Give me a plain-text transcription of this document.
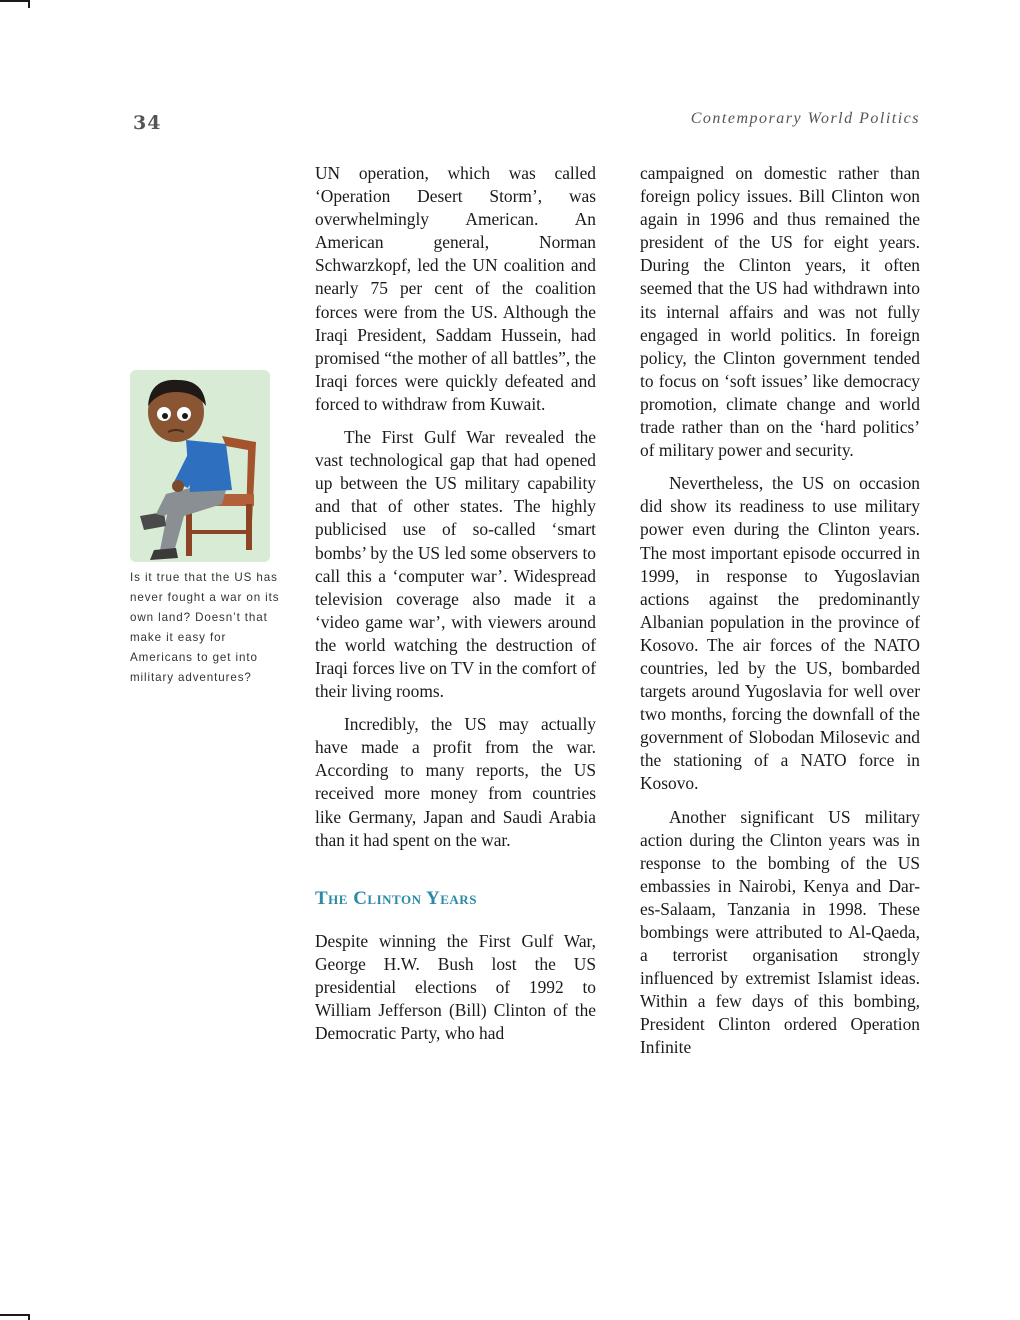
34	Contemporary World Politics
Is it true that the US has never fought a war on its own land? Doesn’t that make it easy for Americans to get into military adventures?

UN operation, which was called ‘Operation Desert Storm’, was overwhelmingly American. An American general, Norman Schwarzkopf, led the UN coalition and nearly 75 per cent of the coalition forces were from the US. Although the Iraqi President, Saddam Hussein, had promised “the mother of all battles”, the Iraqi forces were quickly defeated and forced to withdraw from Kuwait.

The First Gulf War revealed the vast technological gap that had opened up between the US military capability and that of other states. The highly publicised use of so-called ‘smart bombs’ by the US led some observers to call this a ‘computer war’. Widespread television coverage also made it a ‘video game war’, with viewers around the world watching the destruction of Iraqi forces live on TV in the comfort of their living rooms.

Incredibly, the US may actually have made a profit from the war. According to many reports, the US received more money from countries like Germany, Japan and Saudi Arabia than it had spent on the war.

The Clinton Years

Despite winning the First Gulf War, George H.W. Bush lost the US presidential elections of 1992 to William Jefferson (Bill) Clinton of the Democratic Party, who had

campaigned on domestic rather than foreign policy issues. Bill Clinton won again in 1996 and thus remained the president of the US for eight years. During the Clinton years, it often seemed that the US had withdrawn into its internal affairs and was not fully engaged in world politics. In foreign policy, the Clinton government tended to focus on ‘soft issues’ like democracy promotion, climate change and world trade rather than on the ‘hard politics’ of military power and security.

Nevertheless, the US on occasion did show its readiness to use military power even during the Clinton years. The most important episode occurred in 1999, in response to Yugoslavian actions against the predominantly Albanian population in the province of Kosovo. The air forces of the NATO countries, led by the US, bombarded targets around Yugoslavia for well over two months, forcing the downfall of the government of Slobodan Milosevic and the stationing of a NATO force in Kosovo.

Another significant US military action during the Clinton years was in response to the bombing of the US embassies in Nairobi, Kenya and Dar-es-Salaam, Tanzania in 1998. These bombings were attributed to Al-Qaeda, a terrorist organisation strongly influenced by extremist Islamist ideas. Within a few days of this bombing, President Clinton ordered Operation Infinite
